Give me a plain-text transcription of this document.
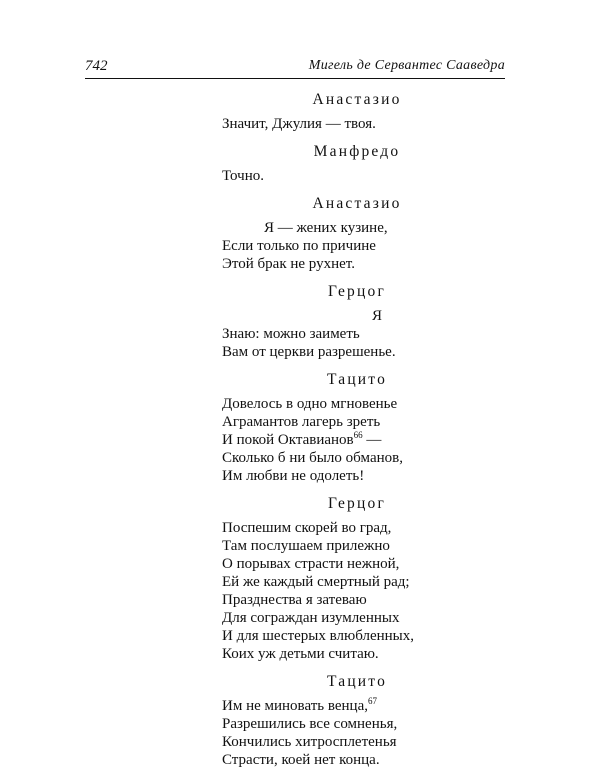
742	Мигель де Сервантес Сааведра
Анастазио
Значит, Джулия — твоя.
Манфредо
Точно.
Анастазио
Я — жених кузине,
Если только по причине
Этой брак не рухнет.
Герцог
Я
Знаю: можно заиметь
Вам от церкви разрешенье.
Тацито
Довелось в одно мгновенье
Аграмантов лагерь зреть
И покой Октавианов$^{66}$ —
Сколько б ни было обманов,
Им любви не одолеть!
Герцог
Поспешим скорей во град,
Там послушаем прилежно
О порывах страсти нежной,
Ей же каждый смертный рад;
Празднества я затеваю
Для сограждан изумленных
И для шестерых влюбленных,
Коих уж детьми считаю.
Тацито
Им не миновать венца,$^{67}$
Разрешились все сомненья,
Кончились хитросплетенья
Страсти, коей нет конца.
